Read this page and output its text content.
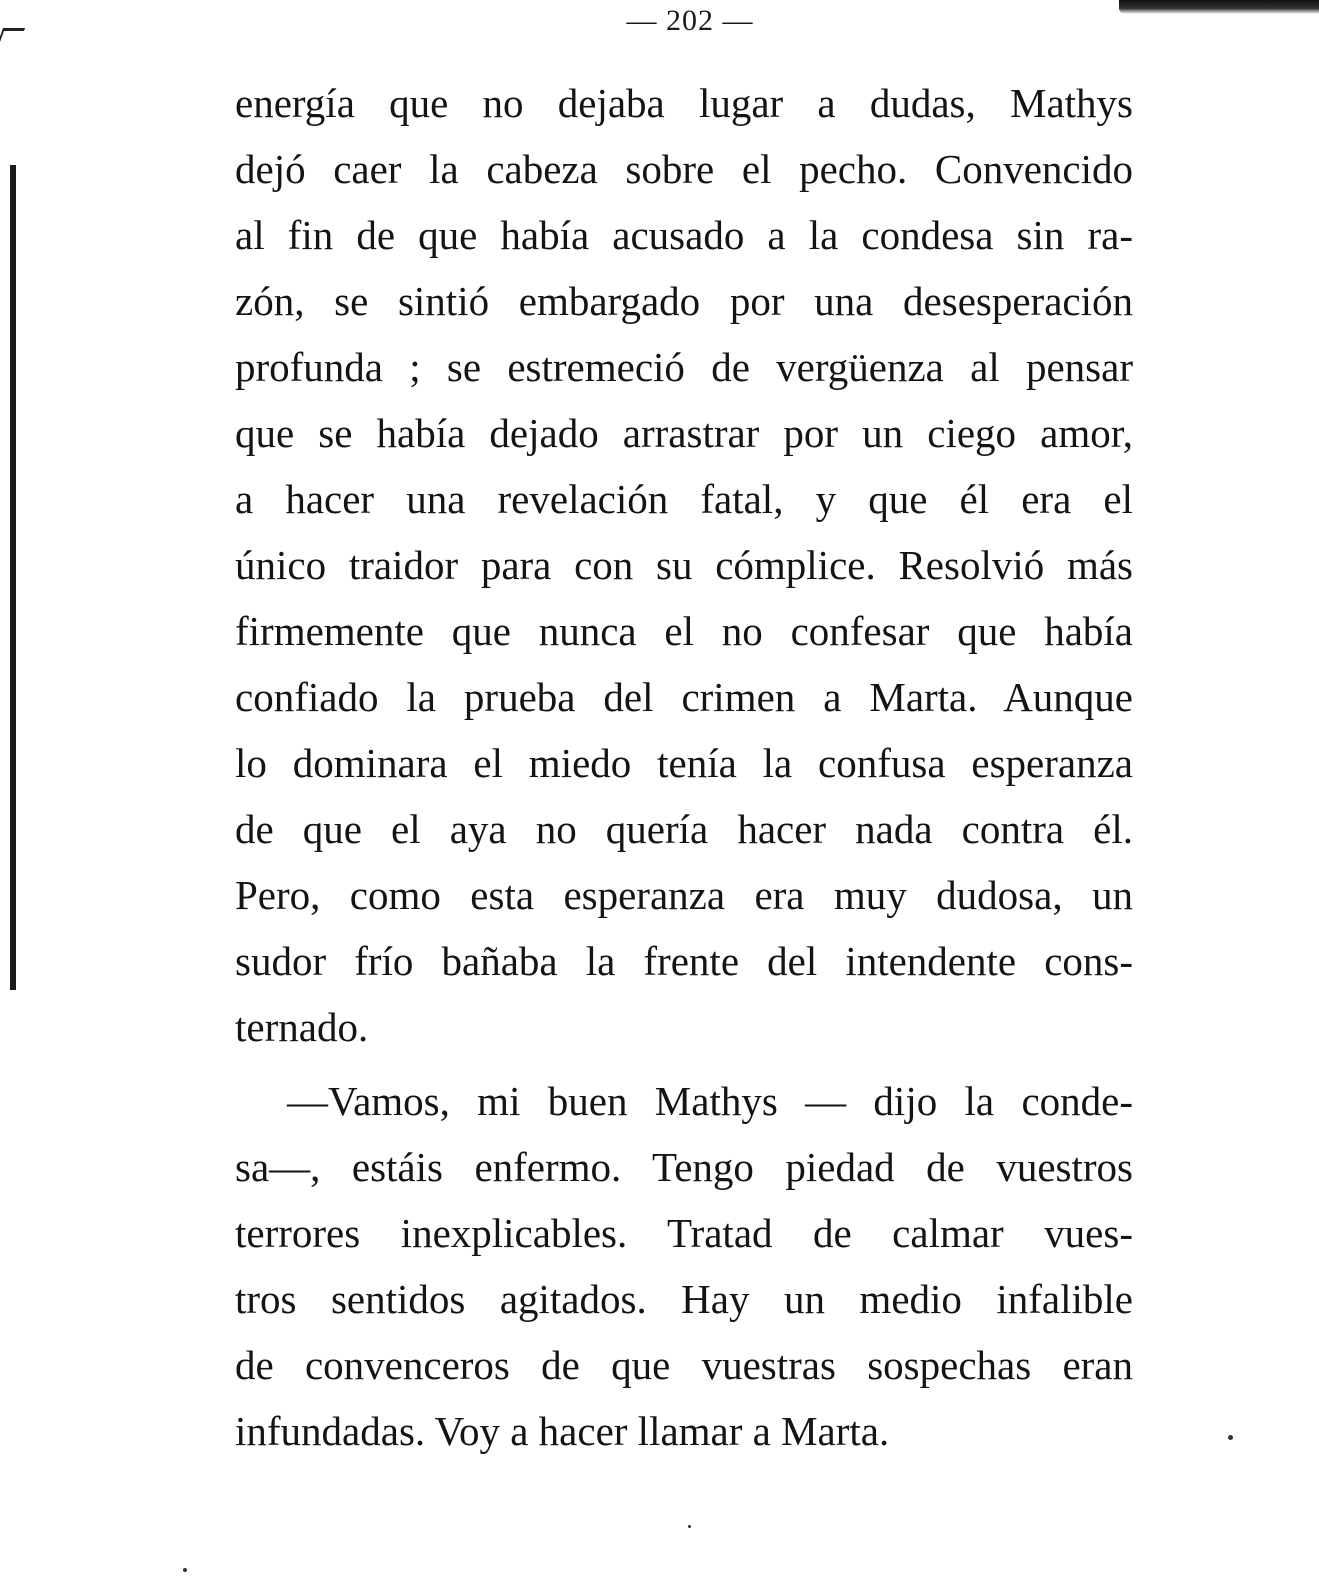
— 202 —
energía que no dejaba lugar a dudas, Mathys
dejó caer la cabeza sobre el pecho. Convencido
al fin de que había acusado a la condesa sin ra-
zón, se sintió embargado por una desesperación
profunda ; se estremeció de vergüenza al pensar
que se había dejado arrastrar por un ciego amor,
a hacer una revelación fatal, y que él era el
único traidor para con su cómplice. Resolvió más
firmemente que nunca el no confesar que había
confiado la prueba del crimen a Marta. Aunque
lo dominara el miedo tenía la confusa esperanza
de que el aya no quería hacer nada contra él.
Pero, como esta esperanza era muy dudosa, un
sudor frío bañaba la frente del intendente cons-
ternado.
—Vamos, mi buen Mathys — dijo la conde-
sa—, estáis enfermo. Tengo piedad de vuestros
terrores inexplicables. Tratad de calmar vues-
tros sentidos agitados. Hay un medio infalible
de convenceros de que vuestras sospechas eran
infundadas. Voy a hacer llamar a Marta.
